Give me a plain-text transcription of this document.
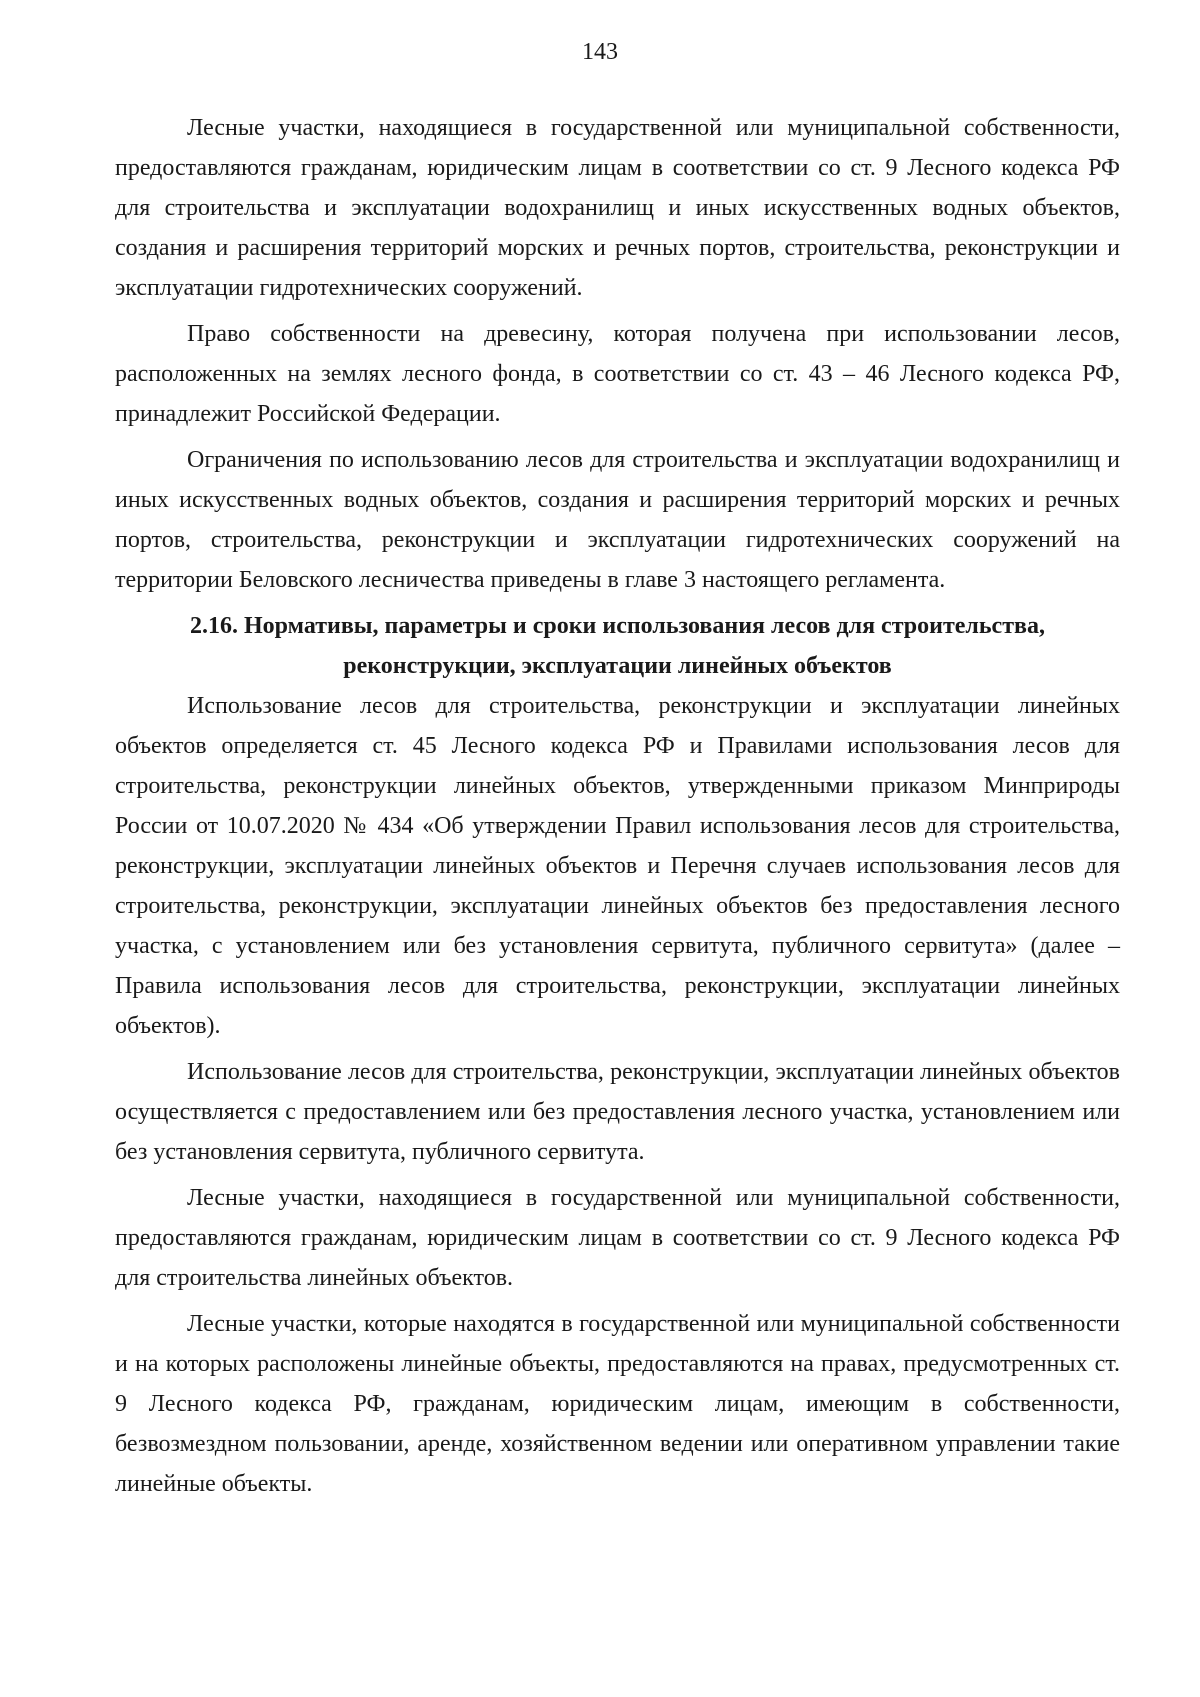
143

Лесные участки, находящиеся в государственной или муниципальной собственности, предоставляются гражданам, юридическим лицам в соответствии со ст. 9 Лесного кодекса РФ для строительства и эксплуатации водохранилищ и иных искусственных водных объектов, создания и расширения территорий морских и речных портов, строительства, реконструкции и эксплуатации гидротехнических сооружений.

Право собственности на древесину, которая получена при использовании лесов, расположенных на землях лесного фонда, в соответствии со ст. 43 – 46 Лесного кодекса РФ, принадлежит Российской Федерации.

Ограничения по использованию лесов для строительства и эксплуатации водохранилищ и иных искусственных водных объектов, создания и расширения территорий морских и речных портов, строительства, реконструкции и эксплуатации гидротехнических сооружений на территории Беловского лесничества приведены в главе 3 настоящего регламента.

2.16. Нормативы, параметры и сроки использования лесов для строительства,
реконструкции, эксплуатации линейных объектов

Использование лесов для строительства, реконструкции и эксплуатации линейных объектов определяется ст. 45 Лесного кодекса РФ и Правилами использования лесов для строительства, реконструкции линейных объектов, утвержденными приказом Минприроды России от 10.07.2020 № 434 «Об утверждении Правил использования лесов для строительства, реконструкции, эксплуатации линейных объектов и Перечня случаев использования лесов для строительства, реконструкции, эксплуатации линейных объектов без предоставления лесного участка, с установлением или без установления сервитута, публичного сервитута» (далее – Правила использования лесов для строительства, реконструкции, эксплуатации линейных объектов).

Использование лесов для строительства, реконструкции, эксплуатации линейных объектов осуществляется с предоставлением или без предоставления лесного участка, установлением или без установления сервитута, публичного сервитута.

Лесные участки, находящиеся в государственной или муниципальной собственности, предоставляются гражданам, юридическим лицам в соответствии со ст. 9 Лесного кодекса РФ для строительства линейных объектов.

Лесные участки, которые находятся в государственной или муниципальной собственности и на которых расположены линейные объекты, предоставляются на правах, предусмотренных ст. 9 Лесного кодекса РФ, гражданам, юридическим лицам, имеющим в собственности, безвозмездном пользовании, аренде, хозяйственном ведении или оперативном управлении такие линейные объекты.
